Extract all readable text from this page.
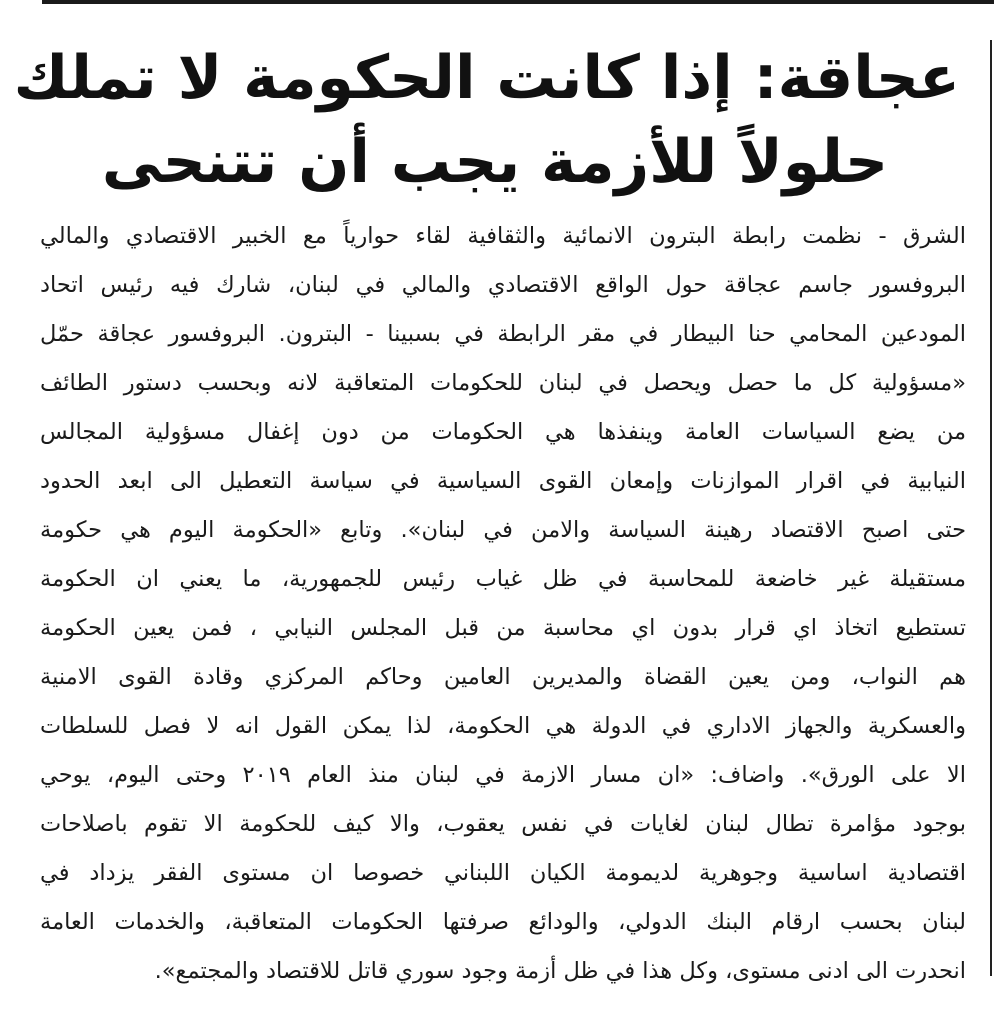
عجاقة: إذا كانت الحكومة لا تملك
حلولاً للأزمة يجب أن تتنحى
الشرق - نظمت رابطة البترون الانمائية والثقافية لقاء حوارياً مع الخبير الاقتصادي والمالي
البروفسور جاسم عجاقة حول الواقع الاقتصادي والمالي في لبنان، شارك فيه رئيس اتحاد
المودعين المحامي حنا البيطار في مقر الرابطة في بسبينا - البترون. البروفسور عجاقة حمّل
«مسؤولية كل ما حصل ويحصل في لبنان للحكومات المتعاقبة لانه وبحسب دستور الطائف
من يضع السياسات العامة وينفذها هي الحكومات من دون إغفال مسؤولية المجالس
النيابية في اقرار الموازنات وإمعان القوى السياسية في سياسة التعطيل الى ابعد الحدود
حتى اصبح الاقتصاد رهينة السياسة والامن في لبنان». وتابع «الحكومة اليوم هي حكومة
مستقيلة غير خاضعة للمحاسبة في ظل غياب رئيس للجمهورية، ما يعني ان الحكومة
تستطيع اتخاذ اي قرار بدون اي محاسبة من قبل المجلس النيابي ، فمن يعين الحكومة
هم النواب، ومن يعين القضاة والمديرين العامين وحاكم المركزي وقادة القوى الامنية
والعسكرية والجهاز الاداري في الدولة هي الحكومة، لذا يمكن القول انه لا فصل للسلطات
الا على الورق». واضاف: «ان مسار الازمة في لبنان منذ العام ٢٠١٩ وحتى اليوم، يوحي
بوجود مؤامرة تطال لبنان لغايات في نفس يعقوب، والا كيف للحكومة الا تقوم باصلاحات
اقتصادية اساسية وجوهرية لديمومة الكيان اللبناني خصوصا ان مستوى الفقر يزداد في
لبنان بحسب ارقام البنك الدولي، والودائع صرفتها الحكومات المتعاقبة، والخدمات العامة
انحدرت الى ادنى مستوى، وكل هذا في ظل أزمة وجود سوري قاتل للاقتصاد والمجتمع».
